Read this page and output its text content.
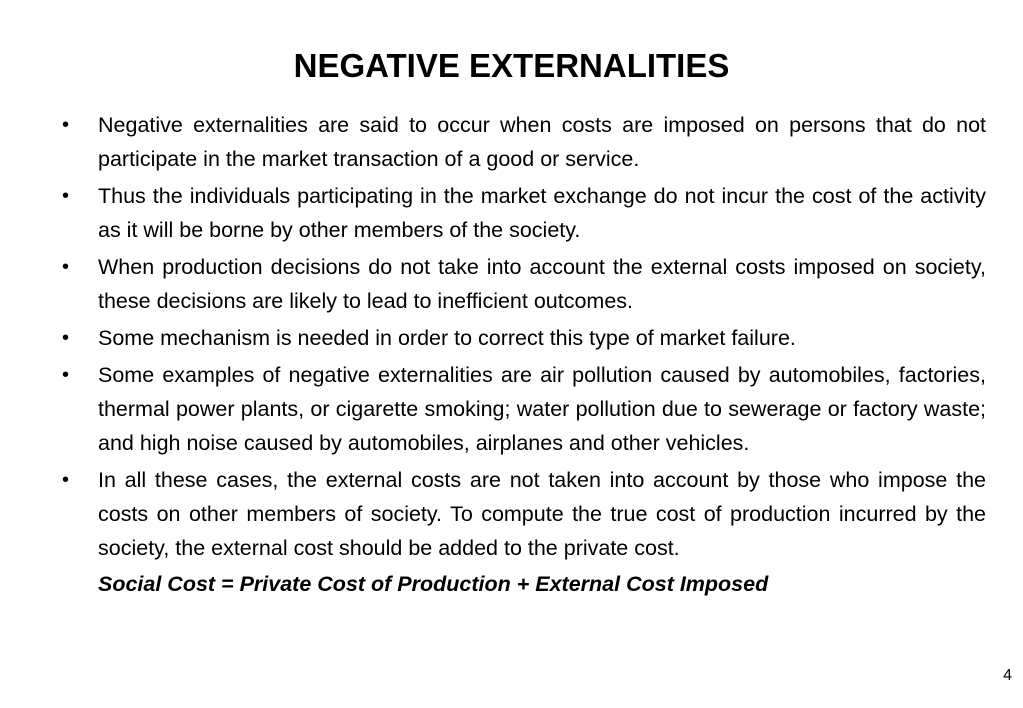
NEGATIVE EXTERNALITIES
•	Negative externalities are said to occur when costs are imposed on persons that do not participate in the market transaction of a good or service.
•	Thus the individuals participating in the market exchange do not incur the cost of the activity as it will be borne by other members of the society.
•	When production decisions do not take into account the external costs imposed on society, these decisions are likely to lead to inefficient outcomes.
•	Some mechanism is needed in order to correct this type of market failure.
•	Some examples of negative externalities are air pollution caused by automobiles, factories, thermal power plants, or cigarette smoking; water pollution due to sewerage or factory waste; and high noise caused by automobiles, airplanes and other vehicles.
•	In all these cases, the external costs are not taken into account by those who impose the costs on other members of society. To compute the true cost of production incurred by the society, the external cost should be added to the private cost.
Social Cost = Private Cost of Production + External Cost Imposed
4
